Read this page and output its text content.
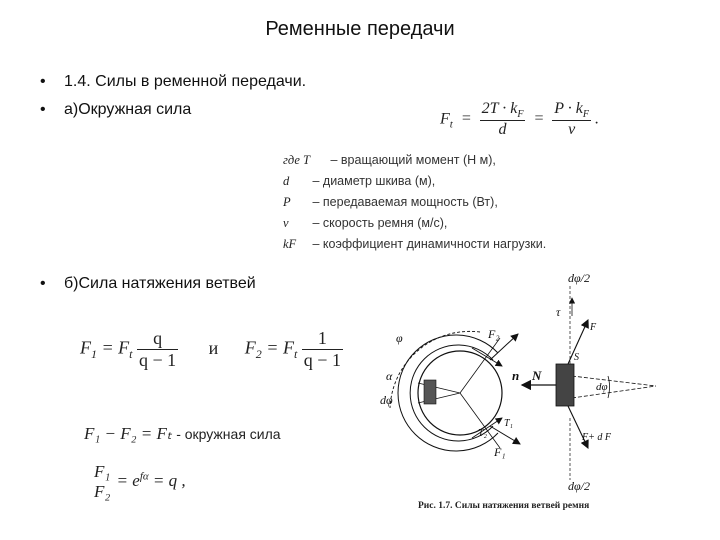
Ременные передачи
• 1.4. Силы в ременной передачи.
• а)Окружная сила
• б)Сила натяжения ветвей
$F_t = \frac{2T \cdot k_F}{d} = \frac{P \cdot k_F}{v}$ .
где T – вращающий момент (Н м),
d – диаметр шкива (м),
P – передаваемая мощность (Вт),
v – скорость ремня (м/с),
kF – коэффициент динамичности нагрузки.
$F_1 = F_t \frac{q}{q - 1}$ и $F_2 = F_t \frac{1}{q - 1}$
F₁ − F₂ = Fₜ - окружная сила
F₁
F₂
= $e^{f\alpha} = q$ ,
φ
α
dφ
F₂
F₁
T₁
T₂
dφ/2
τ
F
S
n N
dφ
F+ d F
dφ/2
Рис. 1.7. Силы натяжения ветвей ремня
